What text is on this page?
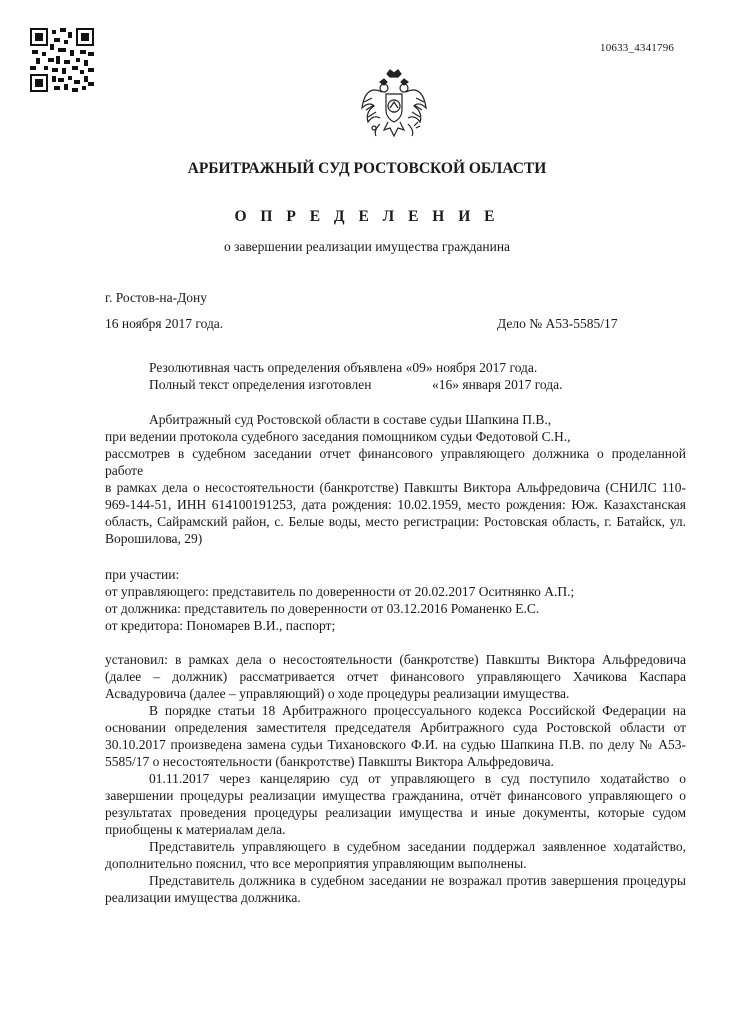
10633_4341796
АРБИТРАЖНЫЙ СУД РОСТОВСКОЙ ОБЛАСТИ
О П Р Е Д Е Л Е Н И Е
о завершении реализации имущества гражданина
г. Ростов-на-Дону
16 ноября 2017 года.	Дело № А53-5585/17
Резолютивная часть определения объявлена «09» ноября 2017 года.
Полный текст определения изготовлен	«16» января 2017 года.
Арбитражный суд Ростовской области в составе судьи Шапкина П.В.,
при ведении протокола судебного заседания помощником судьи Федотовой С.Н.,

рассмотрев в судебном заседании отчет финансового управляющего должника о проделанной работе

в рамках дела о несостоятельности (банкротстве) Павкшты Виктора Альфредовича (СНИЛС 110-969-144-51, ИНН 614100191253, дата рождения: 10.02.1959, место рождения: Юж. Казахстанская область, Сайрамский район, с. Белые воды, место регистрации: Ростовская область, г. Батайск, ул. Ворошилова, 29)

при участии:
от управляющего: представитель по доверенности от 20.02.2017 Оситнянко А.П.;
от должника: представитель по доверенности от 03.12.2016 Романенко Е.С.
от кредитора: Пономарев В.И., паспорт;

установил: в рамках дела о несостоятельности (банкротстве) Павкшты Виктора Альфредовича (далее – должник) рассматривается отчет финансового управляющего Хачикова Каспара Асвадуровича (далее – управляющий) о ходе процедуры реализации имущества.

В порядке статьи 18 Арбитражного процессуального кодекса Российской Федерации на основании определения заместителя председателя Арбитражного суда Ростовской области от 30.10.2017 произведена замена судьи Тихановского Ф.И. на судью Шапкина П.В. по делу № А53-5585/17 о несостоятельности (банкротстве) Павкшты Виктора Альфредовича.

01.11.2017 через канцелярию суд от управляющего в суд поступило ходатайство о завершении процедуры реализации имущества гражданина, отчёт финансового управляющего о результатах проведения процедуры реализации имущества и иные документы, которые судом приобщены к материалам дела.

Представитель управляющего в судебном заседании поддержал заявленное ходатайство, дополнительно пояснил, что все мероприятия управляющим выполнены.

Представитель должника в судебном заседании не возражал против завершения процедуры реализации имущества должника.
